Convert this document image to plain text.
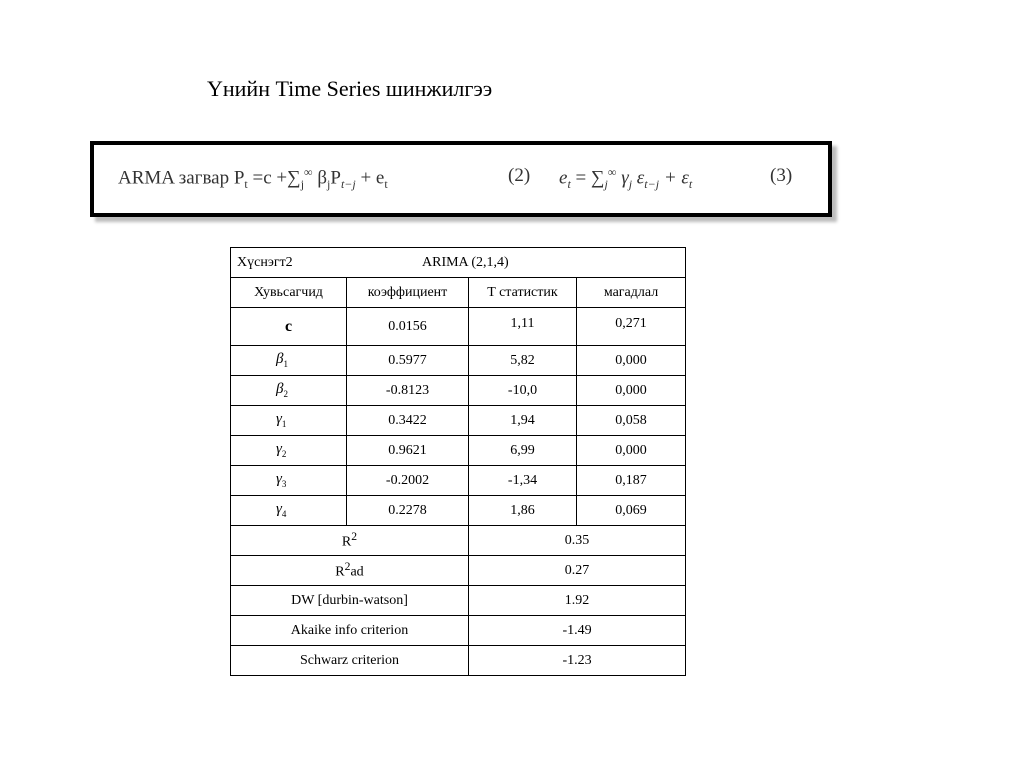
Үнийн Time Series шинжилгээ
ARMA загвар $P_t =c +\sum_j^\infty$ $\beta_jP_{t-j} + e_t$	(2) $e_t = \sum_j^\infty$ $\gamma_j$ $\varepsilon_{t-j} + \varepsilon_t$	(3)
Хүснэгт2 ARIMA (2,1,4)			
Хувьсагчид	коэффициент	T статистик	магадлал
c	0.0156	1,11	0,271

$\beta_1$	0.5977	5,82	0,000

$\beta_2$	-0.8123	-10,0	0,000

$\gamma_1$	0.3422	1,94	0,058

$\gamma_2$	0.9621	6,99	0,000

$\gamma_3$	-0.2002	-1,34	0,187

$\gamma_4$	0.2278	1,86	0,069
$R^2$		0.35	
$R^2ad$		0.27	
DW [durbin-watson]		1.92	
Akaike info criterion		-1.49	
Schwarz criterion		-1.23	
